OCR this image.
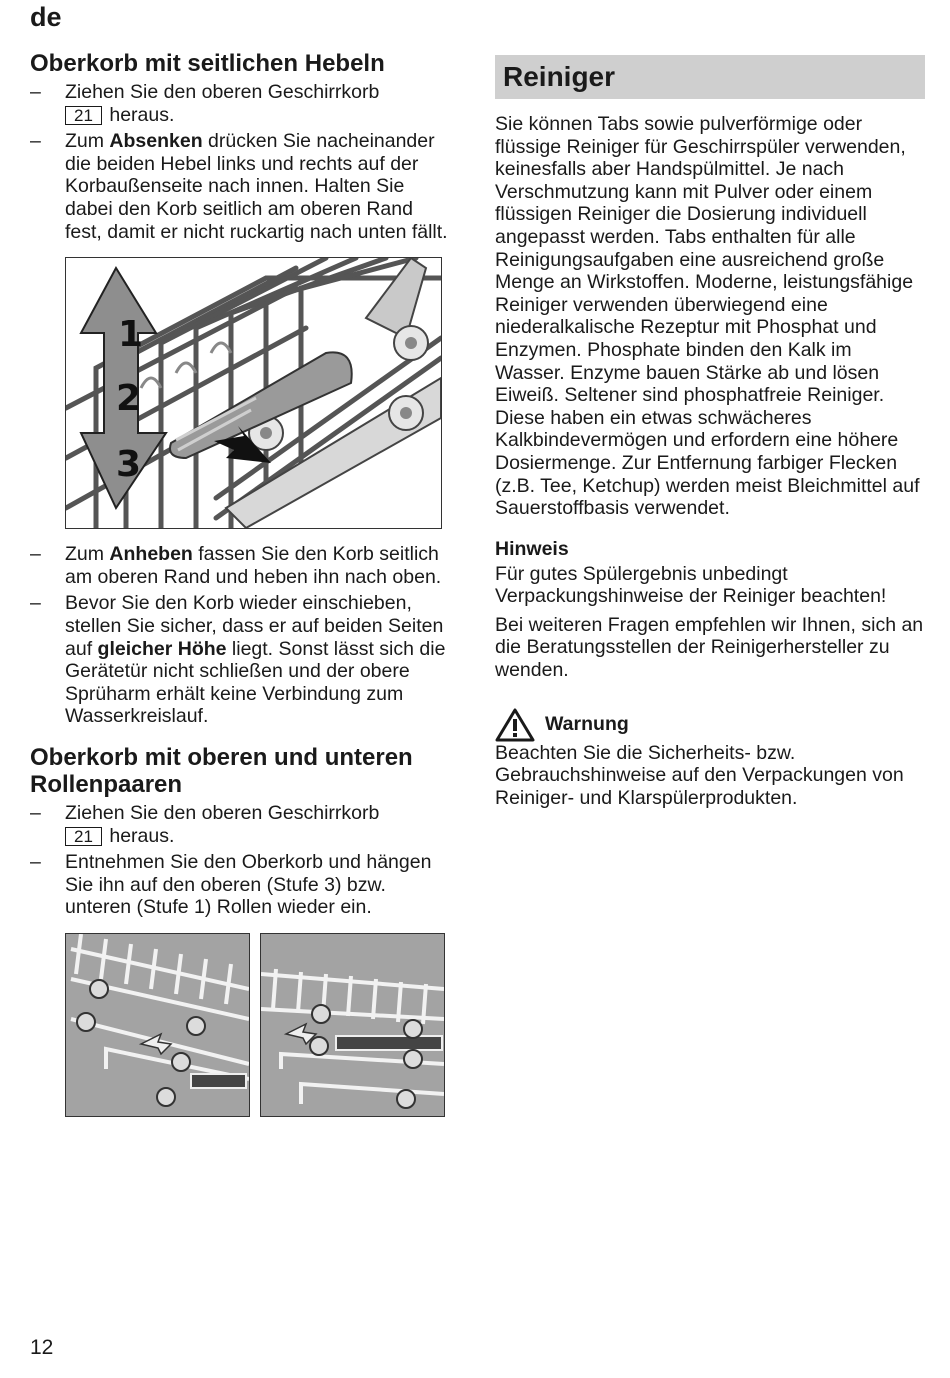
de
Oberkorb mit seitlichen Hebeln
– Ziehen Sie den oberen Geschirrkorb
21 heraus.
– Zum Absenken drücken Sie nacheinander die beiden Hebel links und rechts auf der Korbaußenseite nach innen. Halten Sie dabei den Korb seitlich am oberen Rand fest, damit er nicht ruckartig nach unten fällt.
1
2
3
– Zum Anheben fassen Sie den Korb seitlich am oberen Rand und heben ihn nach oben.
– Bevor Sie den Korb wieder einschieben, stellen Sie sicher, dass er auf beiden Seiten auf gleicher Höhe liegt. Sonst lässt sich die Gerätetür nicht schließen und der obere Sprüharm erhält keine Verbindung zum Wasserkreislauf.
Oberkorb mit oberen und unteren Rollenpaaren
– Ziehen Sie den oberen Geschirrkorb
21 heraus.
– Entnehmen Sie den Oberkorb und hängen Sie ihn auf den oberen (Stufe 3) bzw. unteren (Stufe 1) Rollen wieder ein.
Reiniger

Sie können Tabs sowie pulverförmige oder flüssige Reiniger für Geschirrspüler verwenden, keinesfalls aber Handspülmittel. Je nach Verschmutzung kann mit Pulver oder einem flüssigen Reiniger die Dosierung individuell angepasst werden. Tabs enthalten für alle Reinigungsaufgaben eine ausreichend große Menge an Wirkstoffen. Moderne, leistungsfähige Reiniger verwenden überwiegend eine niederalkalische Rezeptur mit Phosphat und Enzymen. Phosphate binden den Kalk im Wasser. Enzyme bauen Stärke ab und lösen Eiweiß. Seltener sind phosphatfreie Reiniger. Diese haben ein etwas schwächeres Kalkbindevermögen und erfordern eine höhere Dosiermenge. Zur Entfernung farbiger Flecken (z.B. Tee, Ketchup) werden meist Bleichmittel auf Sauerstoffbasis verwendet.

Hinweis

Für gutes Spülergebnis unbedingt Verpackungshinweise der Reiniger beachten!

Bei weiteren Fragen empfehlen wir Ihnen, sich an die Beratungsstellen der Reinigerhersteller zu wenden.

Warnung

Beachten Sie die Sicherheits- bzw. Gebrauchshinweise auf den Verpackungen von Reiniger- und Klarspülerprodukten.

12
